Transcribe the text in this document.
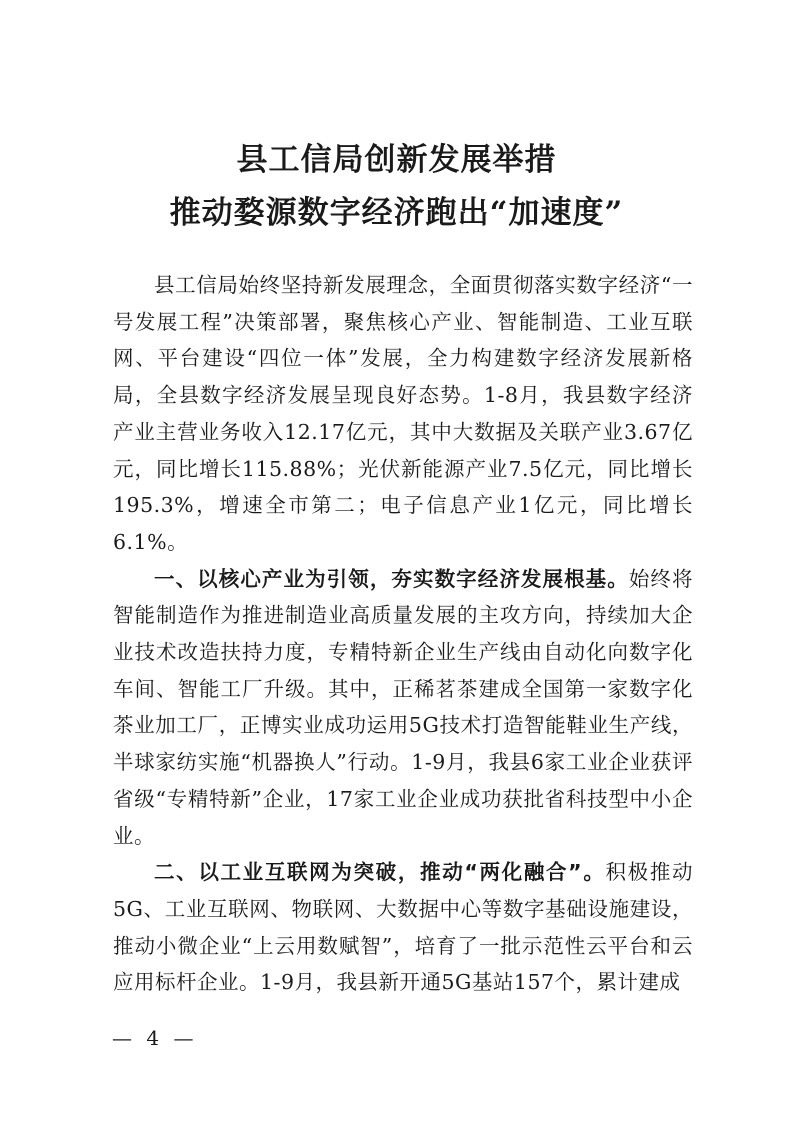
县工信局创新发展举措
推动婺源数字经济跑出“加速度”

县工信局始终坚持新发展理念，全面贯彻落实数字经济“一号发展工程”决策部署，聚焦核心产业、智能制造、工业互联网、平台建设“四位一体”发展，全力构建数字经济发展新格局，全县数字经济发展呈现良好态势。1-8月，我县数字经济产业主营业务收入12.17亿元，其中大数据及关联产业3.67亿元，同比增长115.88%；光伏新能源产业7.5亿元，同比增长195.3%，增速全市第二；电子信息产业1亿元，同比增长6.1%。

一、以核心产业为引领，夯实数字经济发展根基。始终将智能制造作为推进制造业高质量发展的主攻方向，持续加大企业技术改造扶持力度，专精特新企业生产线由自动化向数字化车间、智能工厂升级。其中，正稀茗茶建成全国第一家数字化茶业加工厂，正博实业成功运用5G技术打造智能鞋业生产线，半球家纺实施“机器换人”行动。1-9月，我县6家工业企业获评省级“专精特新”企业，17家工业企业成功获批省科技型中小企业。

二、以工业互联网为突破，推动“两化融合”。积极推动5G、工业互联网、物联网、大数据中心等数字基础设施建设，推动小微企业“上云用数赋智”，培育了一批示范性云平台和云应用标杆企业。1-9月，我县新开通5G基站157个，累计建成

— 4 —
